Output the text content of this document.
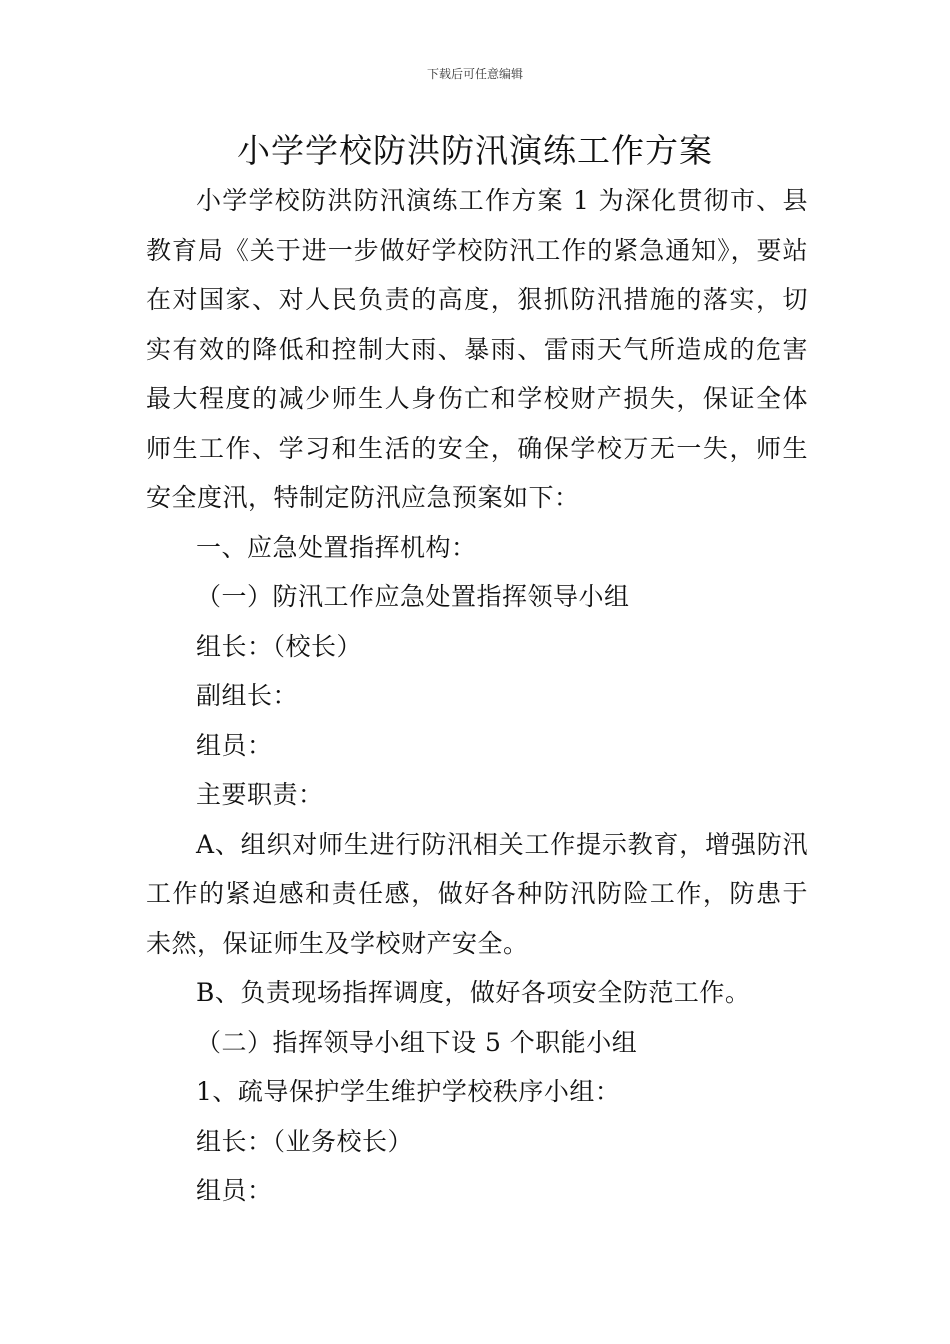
下载后可任意编辑
小学学校防洪防汛演练工作方案

小学学校防洪防汛演练工作方案 1 为深化贯彻市、县教育局《关于进一步做好学校防汛工作的紧急通知》，要站在对国家、对人民负责的高度，狠抓防汛措施的落实，切实有效的降低和控制大雨、暴雨、雷雨天气所造成的危害最大程度的减少师生人身伤亡和学校财产损失，保证全体师生工作、学习和生活的安全，确保学校万无一失，师生安全度汛，特制定防汛应急预案如下：

一、应急处置指挥机构：

（一）防汛工作应急处置指挥领导小组

组长：（校长）

副组长：

组员：

主要职责：

A、组织对师生进行防汛相关工作提示教育，增强防汛工作的紧迫感和责任感，做好各种防汛防险工作，防患于未然，保证师生及学校财产安全。

B、负责现场指挥调度，做好各项安全防范工作。

（二）指挥领导小组下设 5 个职能小组

1、疏导保护学生维护学校秩序小组：

组长：（业务校长）

组员：
